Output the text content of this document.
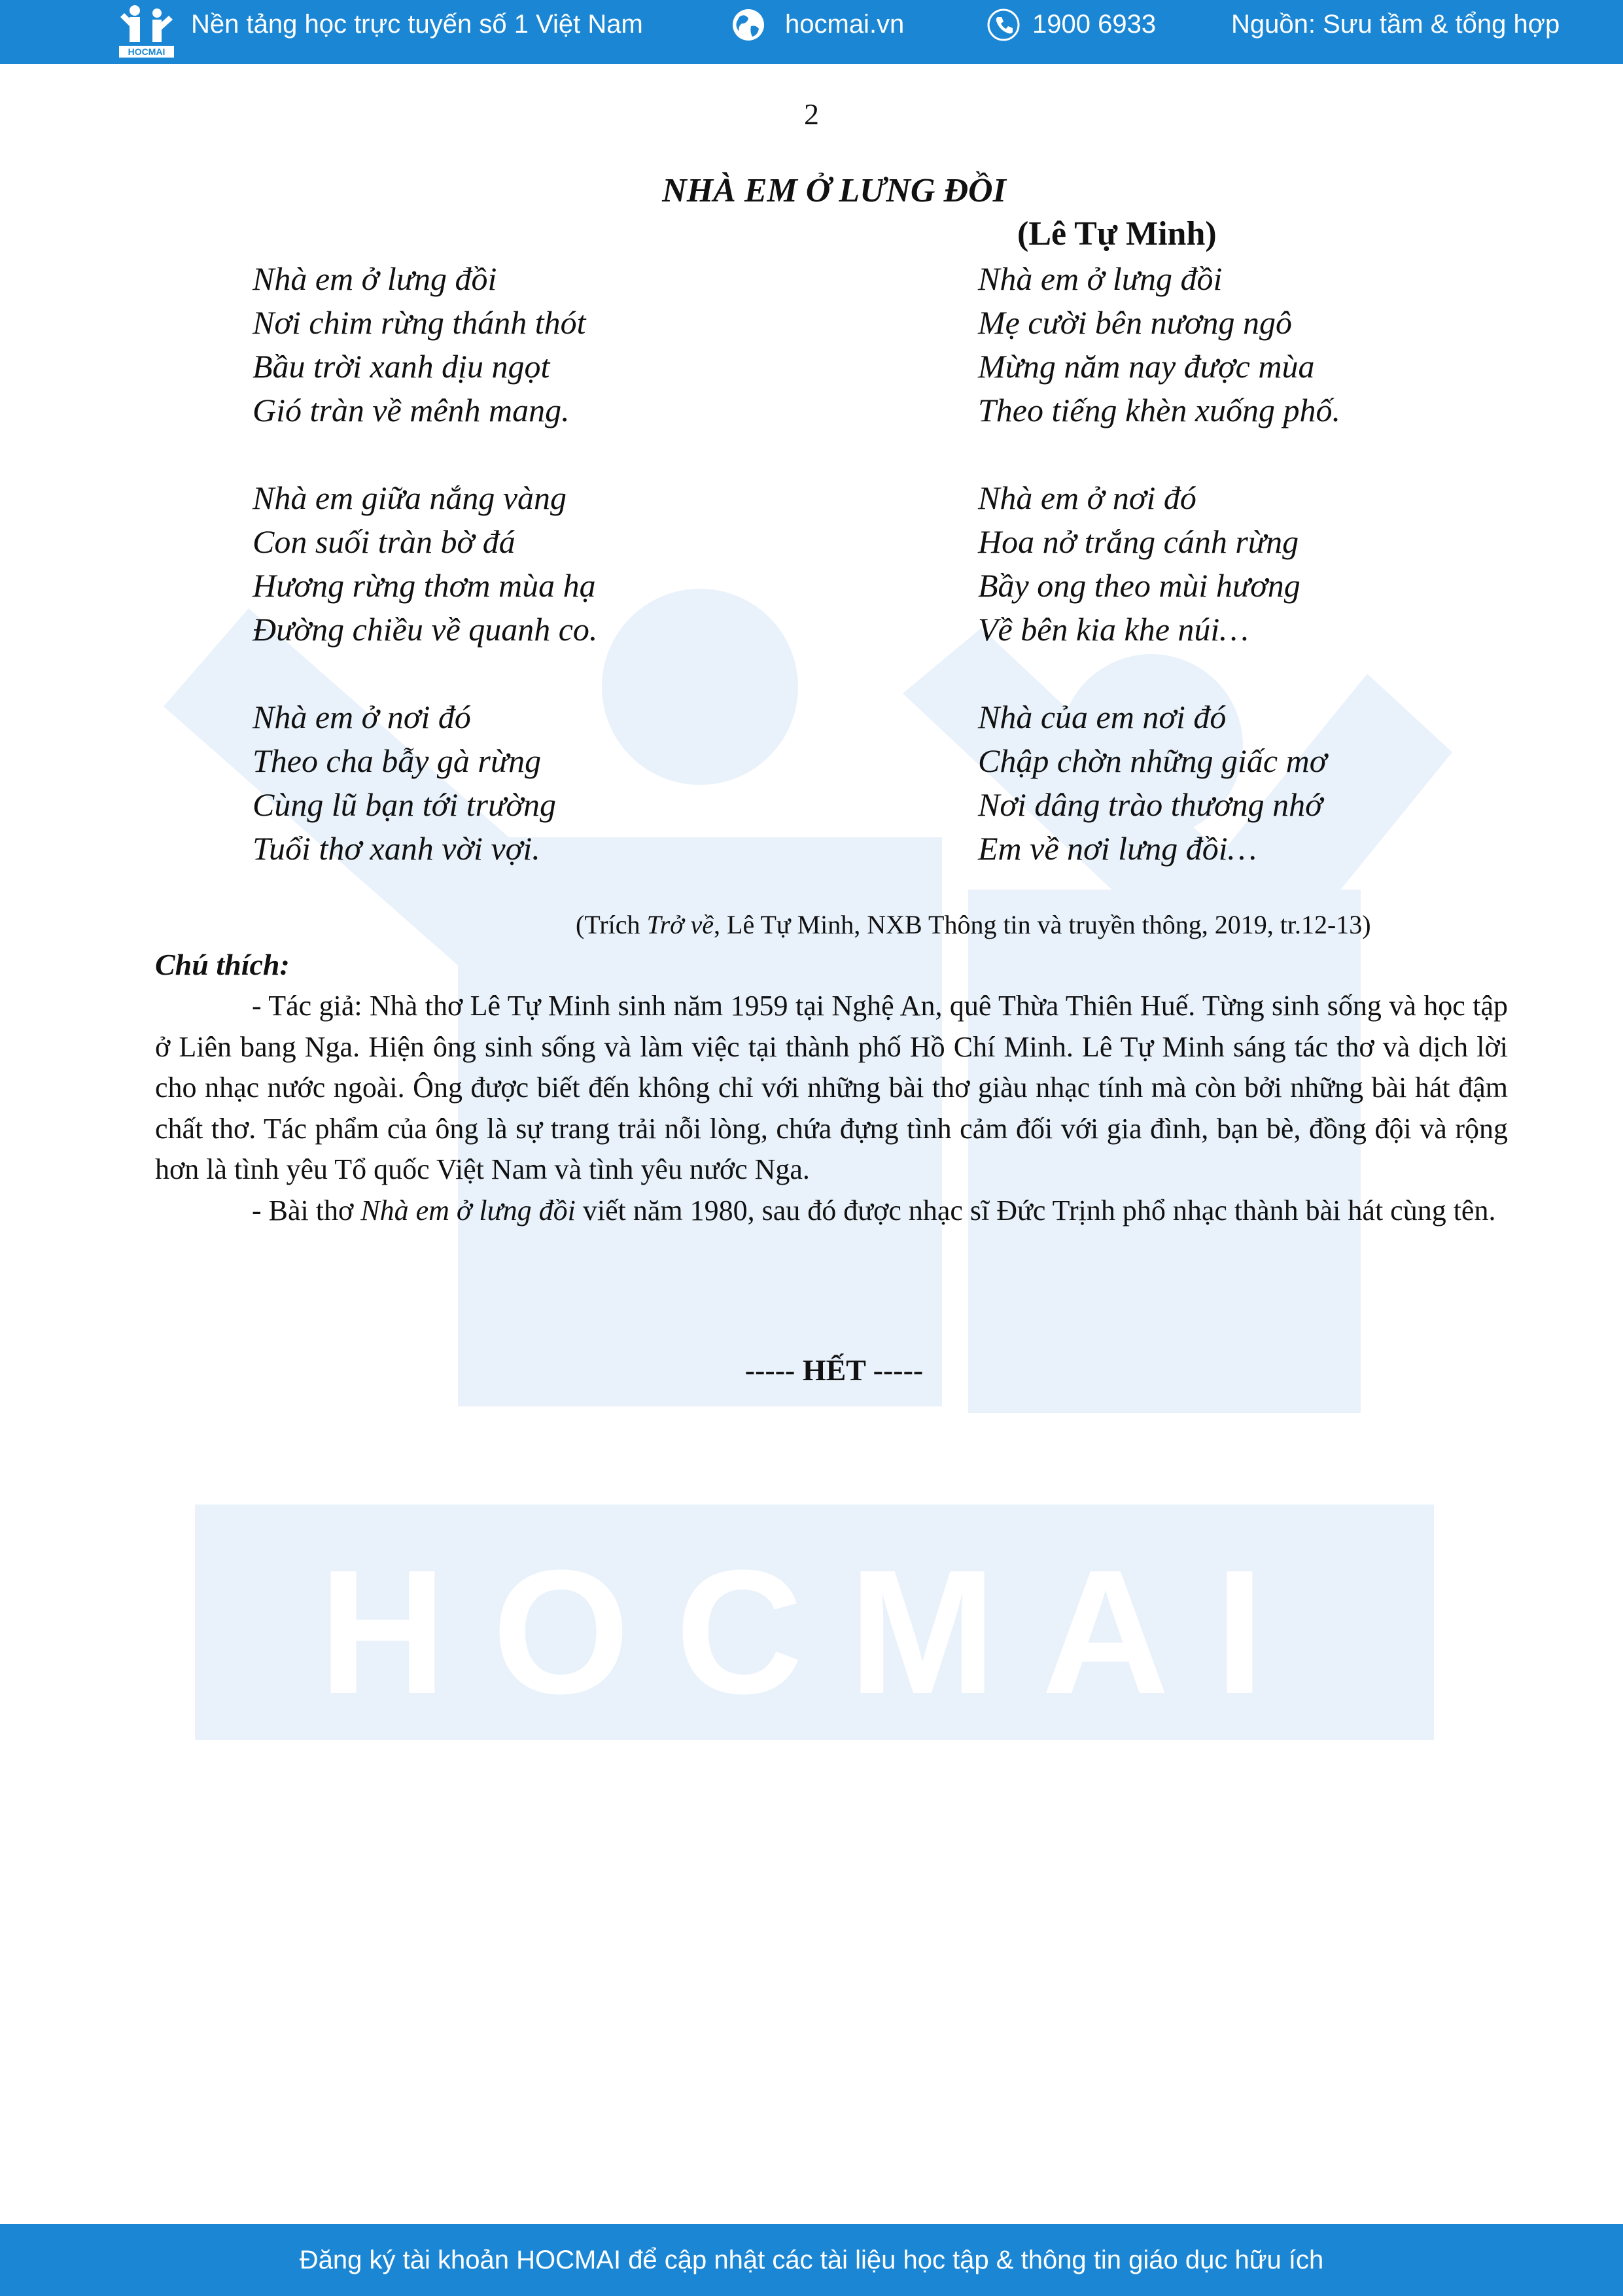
HOCMAI
HOCMAI
Nền tảng học trực tuyến số 1 Việt Nam	hocmai.vn	1900 6933	Nguồn: Sưu tầm & tổng hợp
2
NHÀ EM Ở LƯNG ĐỒI
(Lê Tự Minh)
Nhà em ở lưng đồi
Nơi chim rừng thánh thót
Bầu trời xanh dịu ngọt
Gió tràn về mênh mang.
Nhà em giữa nắng vàng
Con suối tràn bờ đá
Hương rừng thơm mùa hạ
Đường chiều về quanh co.
Nhà em ở nơi đó
Theo cha bẫy gà rừng
Cùng lũ bạn tới trường
Tuổi thơ xanh vời vợi.
Nhà em ở lưng đồi
Mẹ cười bên nương ngô
Mừng năm nay được mùa
Theo tiếng khèn xuống phố.
Nhà em ở nơi đó
Hoa nở trắng cánh rừng
Bầy ong theo mùi hương
Về bên kia khe núi…
Nhà của em nơi đó
Chập chờn những giấc mơ
Nơi dâng trào thương nhớ
Em về nơi lưng đồi…
(Trích Trở về, Lê Tự Minh, NXB Thông tin và truyền thông, 2019, tr.12-13)
Chú thích:

- Tác giả: Nhà thơ Lê Tự Minh sinh năm 1959 tại Nghệ An, quê Thừa Thiên Huế. Từng sinh sống và học tập ở Liên bang Nga. Hiện ông sinh sống và làm việc tại thành phố Hồ Chí Minh. Lê Tự Minh sáng tác thơ và dịch lời cho nhạc nước ngoài. Ông được biết đến không chỉ với những bài thơ giàu nhạc tính mà còn bởi những bài hát đậm chất thơ. Tác phẩm của ông là sự trang trải nỗi lòng, chứa đựng tình cảm đối với gia đình, bạn bè, đồng đội và rộng hơn là tình yêu Tổ quốc Việt Nam và tình yêu nước Nga.

- Bài thơ Nhà em ở lưng đồi viết năm 1980, sau đó được nhạc sĩ Đức Trịnh phổ nhạc thành bài hát cùng tên.

----- HẾT -----
Đăng ký tài khoản HOCMAI để cập nhật các tài liệu học tập & thông tin giáo dục hữu ích
